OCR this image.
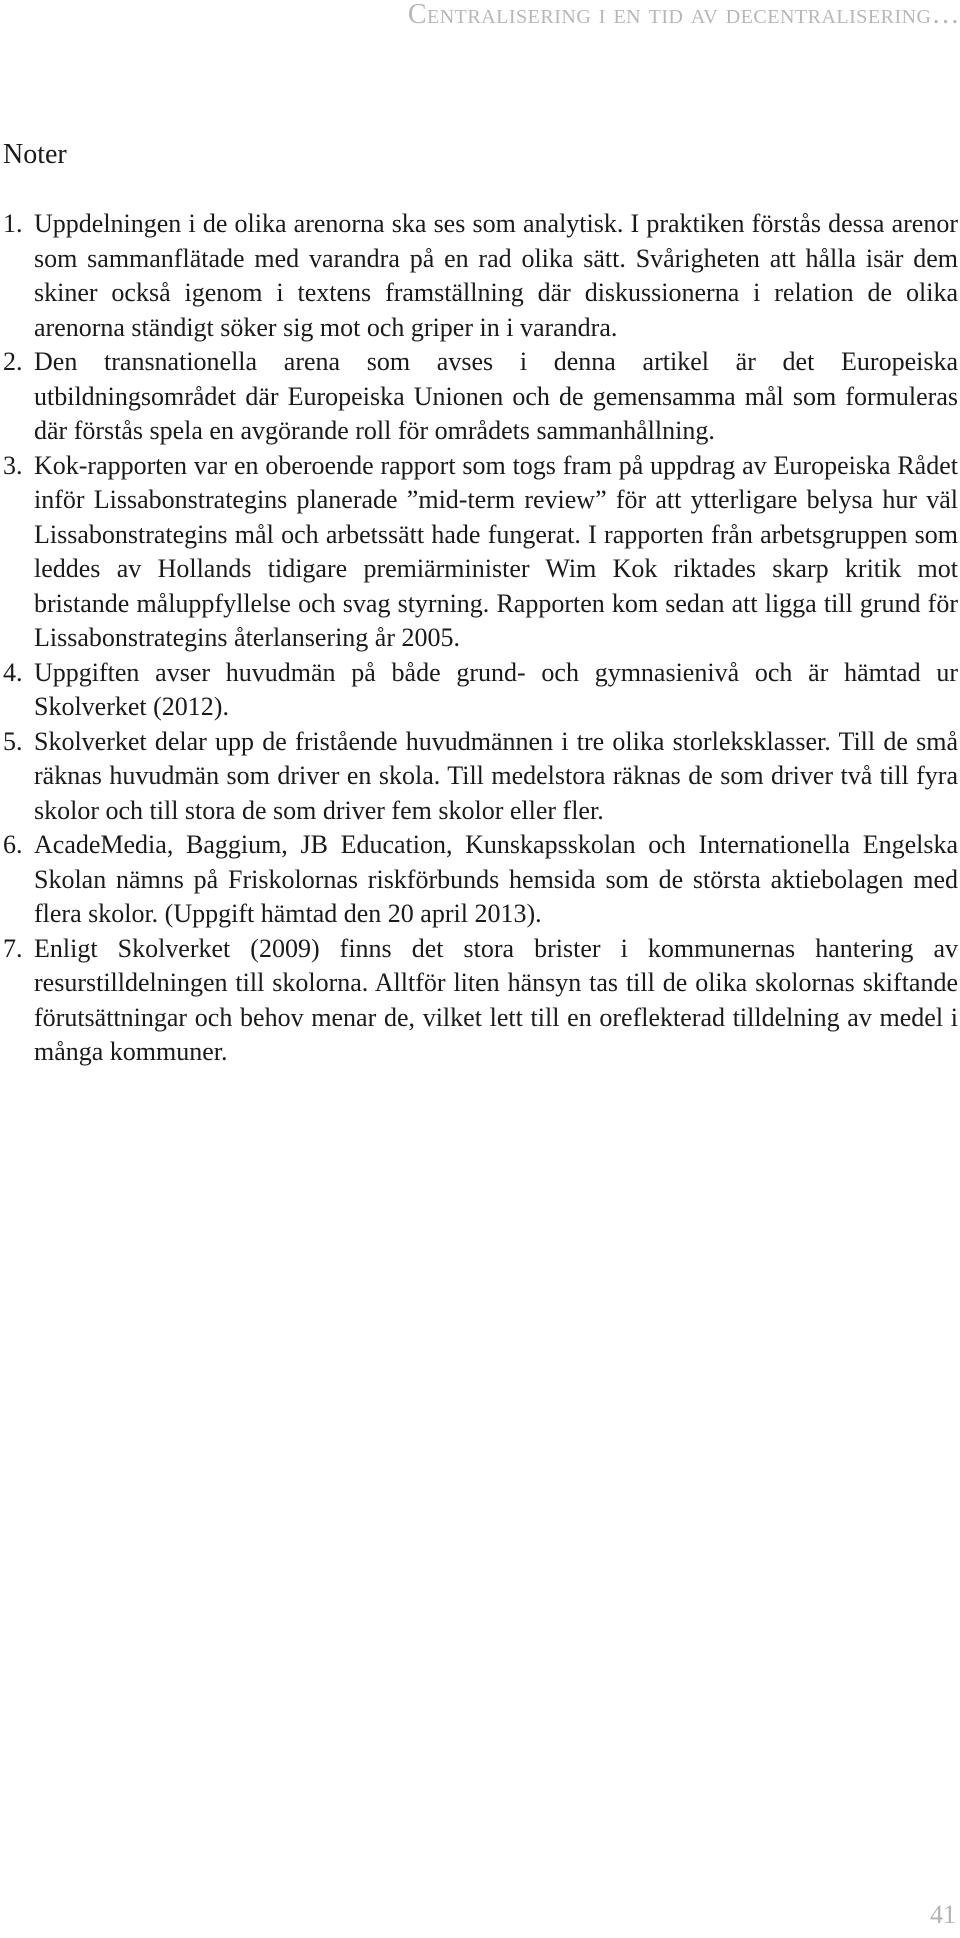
Centralisering i en tid av decentralisering…
Noter
1. Uppdelningen i de olika arenorna ska ses som analytisk. I praktiken förstås dessa arenor som sammanflätade med varandra på en rad olika sätt. Svårigheten att hålla isär dem skiner också igenom i textens framställning där diskussionerna i relation de olika arenorna ständigt söker sig mot och griper in i varandra.
2. Den transnationella arena som avses i denna artikel är det Europeiska utbildningsområdet där Europeiska Unionen och de gemensamma mål som formuleras där förstås spela en avgörande roll för områdets sammanhållning.
3. Kok-rapporten var en oberoende rapport som togs fram på uppdrag av Europeiska Rådet inför Lissabonstrategins planerade ”mid-term review” för att ytterligare belysa hur väl Lissabonstrategins mål och arbetssätt hade fungerat. I rapporten från arbetsgruppen som leddes av Hollands tidigare premiärminister Wim Kok riktades skarp kritik mot bristande måluppfyllelse och svag styrning. Rapporten kom sedan att ligga till grund för Lissabonstrategins återlansering år 2005.
4. Uppgiften avser huvudmän på både grund- och gymnasienivå och är hämtad ur Skolverket (2012).
5. Skolverket delar upp de fristående huvudmännen i tre olika storleksklasser. Till de små räknas huvudmän som driver en skola. Till medelstora räknas de som driver två till fyra skolor och till stora de som driver fem skolor eller fler.
6. AcadeMedia, Baggium, JB Education, Kunskapsskolan och Internationella Engelska Skolan nämns på Friskolornas riskförbunds hemsida som de största aktiebolagen med flera skolor. (Uppgift hämtad den 20 april 2013).
7. Enligt Skolverket (2009) finns det stora brister i kommunernas hantering av resurstilldelningen till skolorna. Alltför liten hänsyn tas till de olika skolornas skiftande förutsättningar och behov menar de, vilket lett till en oreflekterad tilldelning av medel i många kommuner.
41
